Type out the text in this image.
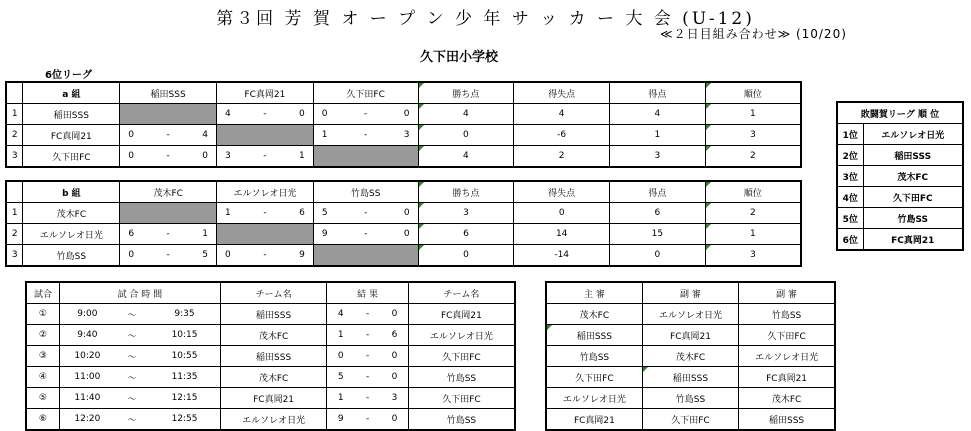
第３回 芳 賀 オ ー プ ン 少 年 サ ッ カ ー 大 会 (U-12)
≪２日目組み合わせ≫ (10/20)
久下田小学校
6位リーグ
	a 組	稲田SSS	FC真岡21	久下田FC	勝ち点	得失点	得点	順位
1	稲田SSS		4 - 0	0 - 0	4	4	4	1
2	FC真岡21	0 - 4		1 - 3	0	-6	1	3
3	久下田FC	0 - 0	3 - 1		4	2	3	2
	b 組	茂木FC	エルソレオ日光	竹島SS	勝ち点	得失点	得点	順位
1	茂木FC		1 - 6	5 - 0	3	0	6	2
2	エルソレオ日光	6 - 1		9 - 0	6	14	15	1
3	竹島SS	0 - 5	0 - 9		0	-14	0	3
敗闘賀リーグ 順 位	
1位	エルソレオ日光
2位	稲田SSS
3位	茂木FC
4位	久下田FC
5位	竹島SS
6位	FC真岡21
試合	試 合 時 間			チーム名	結 果			チーム名
①	9:00	～	9:35	稲田SSS	4	-	0	FC真岡21
②	9:40	～	10:15	茂木FC	1	-	6	エルソレオ日光
③	10:20	～	10:55	稲田SSS	0	-	0	久下田FC
④	11:00	～	11:35	茂木FC	5	-	0	竹島SS
⑤	11:40	～	12:15	FC真岡21	1	-	3	久下田FC
⑥	12:20	～	12:55	エルソレオ日光	9	-	0	竹島SS
主 審	副 審	副 審
茂木FC	エルソレオ日光	竹島SS
稲田SSS	FC真岡21	久下田FC
竹島SS	茂木FC	エルソレオ日光
久下田FC	稲田SSS	FC真岡21
エルソレオ日光	竹島SS	茂木FC
FC真岡21	久下田FC	稲田SSS
